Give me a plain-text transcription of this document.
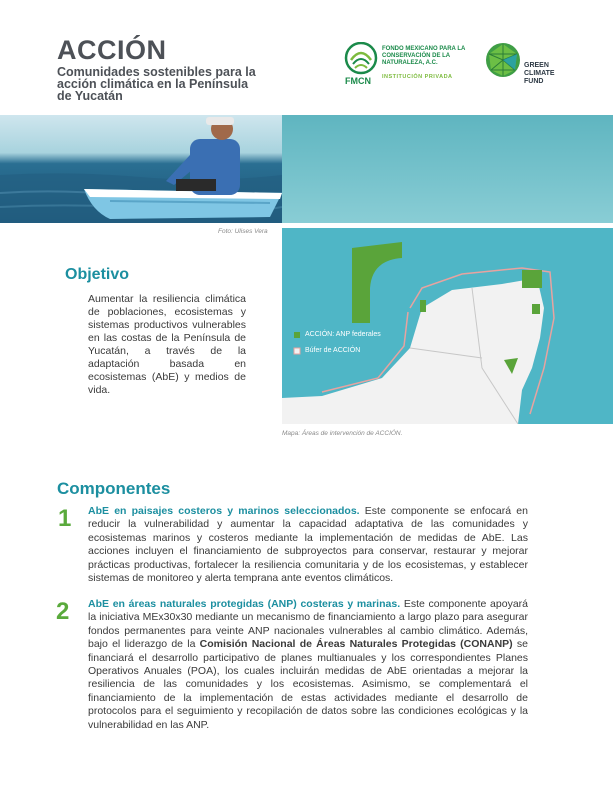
ACCIÓN
Comunidades sostenibles para la acción climática en la Península de Yucatán
FONDO MEXICANO PARA LA CONSERVACIÓN DE LA NATURALEZA, A.C.
FMCN INSTITUCIÓN PRIVADA
GREEN CLIMATE FUND
Foto: Ulises Vera
Objetivo
Aumentar la resiliencia climática de poblaciones, ecosistemas y sistemas productivos vulnerables en las costas de la Península de Yucatán, a través de la adaptación basada en ecosistemas (AbE) y medios de vida.
ACCIÓN: ANP federales
Búfer de ACCIÓN
Mapa: Áreas de intervención de ACCIÓN.
Componentes
1 AbE en paisajes costeros y marinos seleccionados. Este componente se enfocará en reducir la vulnerabilidad y aumentar la capacidad adaptativa de las comunidades y ecosistemas marinos y costeros mediante la implementación de medidas de AbE. Las acciones incluyen el financiamiento de subproyectos para conservar, restaurar y mejorar prácticas productivas, fortalecer la resiliencia comunitaria y de los ecosistemas, y establecer sistemas de monitoreo y alerta temprana ante eventos climáticos.
2 AbE en áreas naturales protegidas (ANP) costeras y marinas. Este componente apoyará la iniciativa MEx30x30 mediante un mecanismo de financiamiento a largo plazo para asegurar fondos permanentes para veinte ANP nacionales vulnerables al cambio climático. Además, bajo el liderazgo de la Comisión Nacional de Áreas Naturales Protegidas (CONANP) se financiará el desarrollo participativo de planes multianuales y los correspondientes Planes Operativos Anuales (POA), los cuales incluirán medidas de AbE orientadas a mejorar la resiliencia de las comunidades y los ecosistemas. Asimismo, se complementará el financiamiento de la implementación de estas actividades mediante el desarrollo de protocolos para el seguimiento y recopilación de datos sobre las condiciones ecológicas y la vulnerabilidad en las ANP.
